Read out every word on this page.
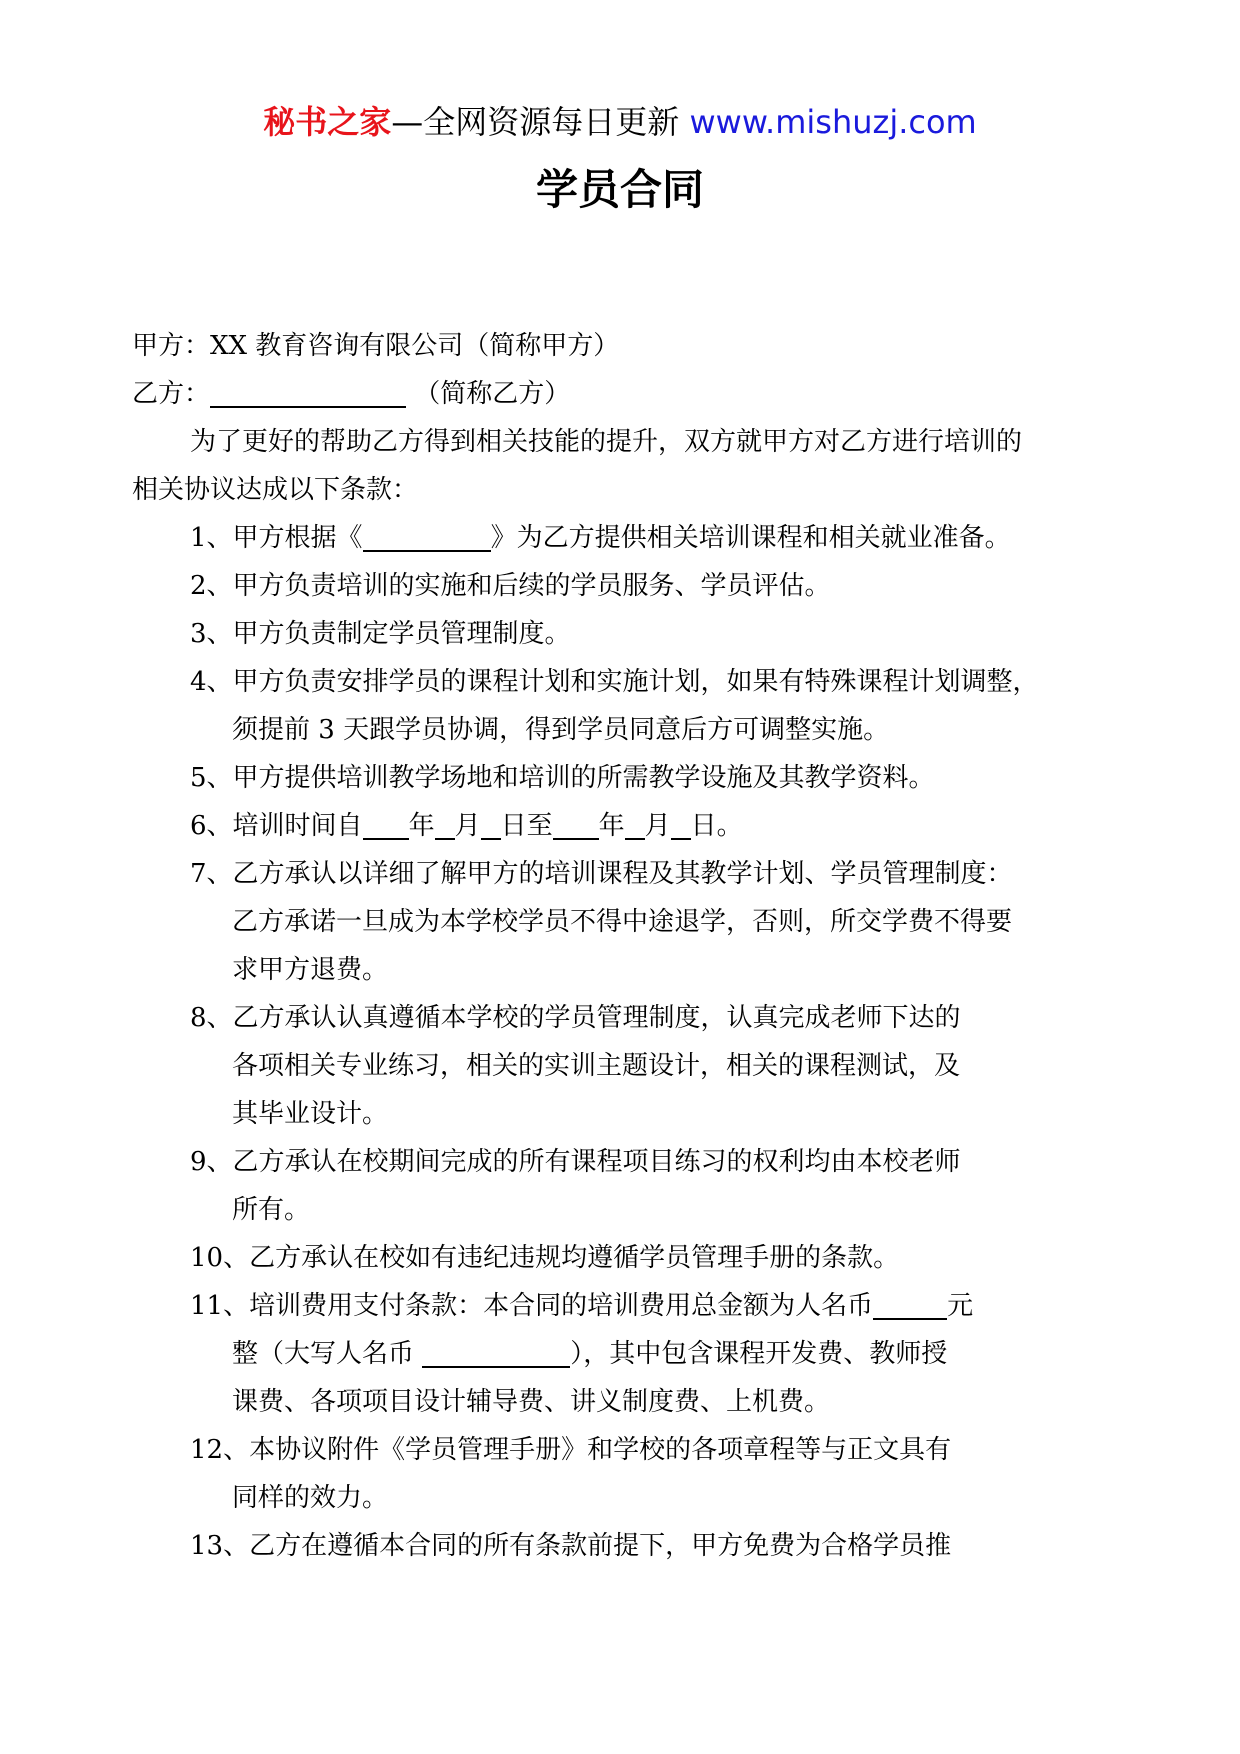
秘书之家—全网资源每日更新 www.mishuzj.com
学员合同
甲方：XX 教育咨询有限公司（简称甲方）
乙方：	（简称乙方）
为了更好的帮助乙方得到相关技能的提升，双方就甲方对乙方进行培训的
相关协议达成以下条款：
1、甲方根据《	》为乙方提供相关培训课程和相关就业准备。
2、甲方负责培训的实施和后续的学员服务、学员评估。
3、甲方负责制定学员管理制度。
4、甲方负责安排学员的课程计划和实施计划，如果有特殊课程计划调整，
须提前 3 天跟学员协调，得到学员同意后方可调整实施。
5、甲方提供培训教学场地和培训的所需教学设施及其教学资料。
6、培训时间自 年 月 日至 年 月 日。
7、乙方承认以详细了解甲方的培训课程及其教学计划、学员管理制度：
乙方承诺一旦成为本学校学员不得中途退学，否则，所交学费不得要
求甲方退费。
8、乙方承认认真遵循本学校的学员管理制度，认真完成老师下达的
各项相关专业练习，相关的实训主题设计，相关的课程测试，及
其毕业设计。
9、乙方承认在校期间完成的所有课程项目练习的权利均由本校老师
所有。
10、乙方承认在校如有违纪违规均遵循学员管理手册的条款。
11、培训费用支付条款：本合同的培训费用总金额为人名币	元
整（大写人名币	），其中包含课程开发费、教师授
课费、各项项目设计辅导费、讲义制度费、上机费。
12、本协议附件《学员管理手册》和学校的各项章程等与正文具有
同样的效力。
13、乙方在遵循本合同的所有条款前提下，甲方免费为合格学员推
